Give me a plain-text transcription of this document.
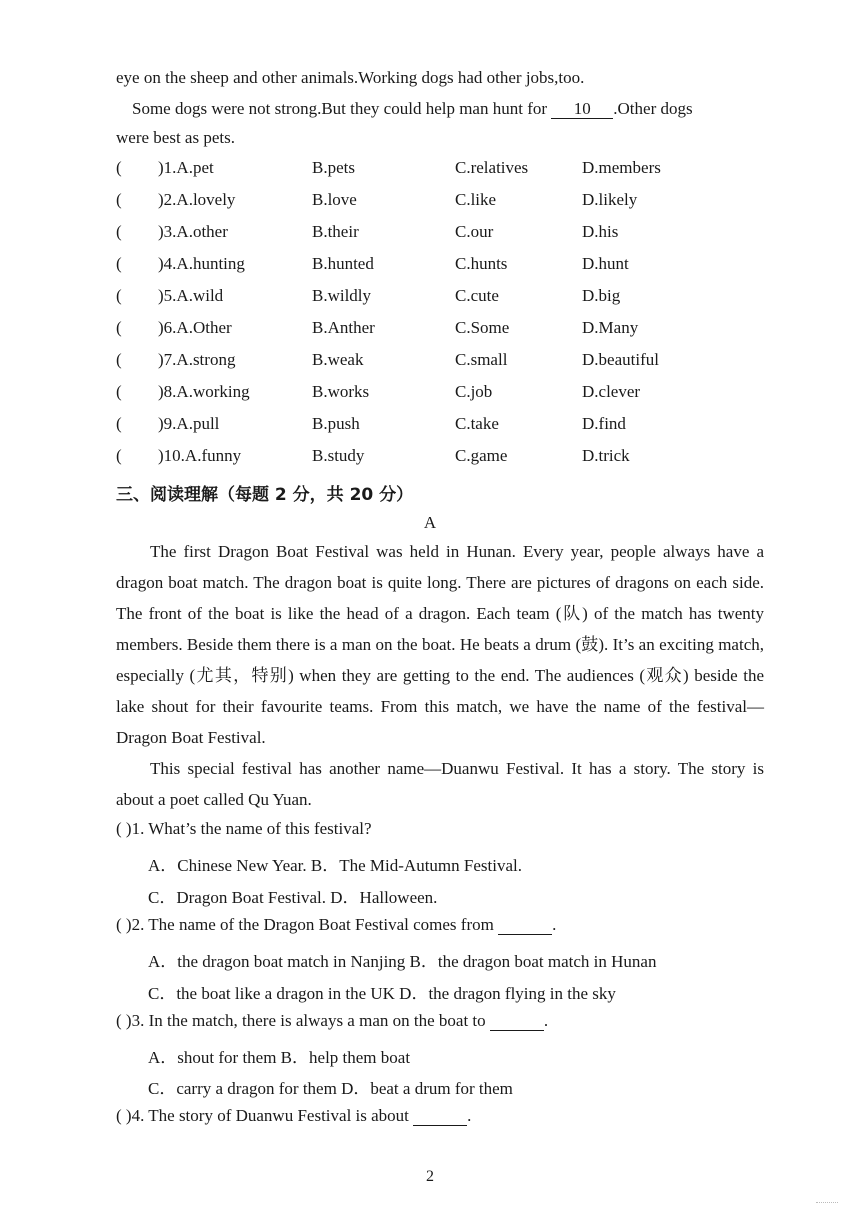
eye on the sheep and other animals.Working dogs had other jobs,too.
Some dogs were not strong.But they could help man hunt for 10 .Other dogs
were best as pets.
( )1.A.pet	B.pets	C.relatives	D.members
( )2.A.lovely	B.love	C.like	D.likely
( )3.A.other	B.their	C.our	D.his
( )4.A.hunting	B.hunted	C.hunts	D.hunt
( )5.A.wild	B.wildly	C.cute	D.big
( )6.A.Other	B.Anther	C.Some	D.Many
( )7.A.strong	B.weak	C.small	D.beautiful
( )8.A.working	B.works	C.job	D.clever
( )9.A.pull	B.push	C.take	D.find
( )10.A.funny	B.study	C.game	D.trick
三、阅读理解（每题 2 分，共 20 分）
A
The first Dragon Boat Festival was held in Hunan. Every year, people always have a dragon boat match. The dragon boat is quite long. There are pictures of dragons on each side. The front of the boat is like the head of a dragon. Each team (队) of the match has twenty members. Beside them there is a man on the boat. He beats a drum (鼓). It’s an exciting match, especially (尤其，特别) when they are getting to the end. The audiences (观众) beside the lake shout for their favourite teams. From this match, we have the name of the festival—Dragon Boat Festival.
This special festival has another name—Duanwu Festival. It has a story. The story is about a poet called Qu Yuan.
( )1. What’s the name of this festival?
A．Chinese New Year. B．The Mid-Autumn Festival.
C．Dragon Boat Festival. D．Halloween.
( )2. The name of the Dragon Boat Festival comes from	.
A．the dragon boat match in Nanjing B．the dragon boat match in Hunan
C．the boat like a dragon in the UK D．the dragon flying in the sky
( )3. In the match, there is always a man on the boat to	.
A．shout for them B．help them boat
C．carry a dragon for them D．beat a drum for them
( )4. The story of Duanwu Festival is about	.
2
